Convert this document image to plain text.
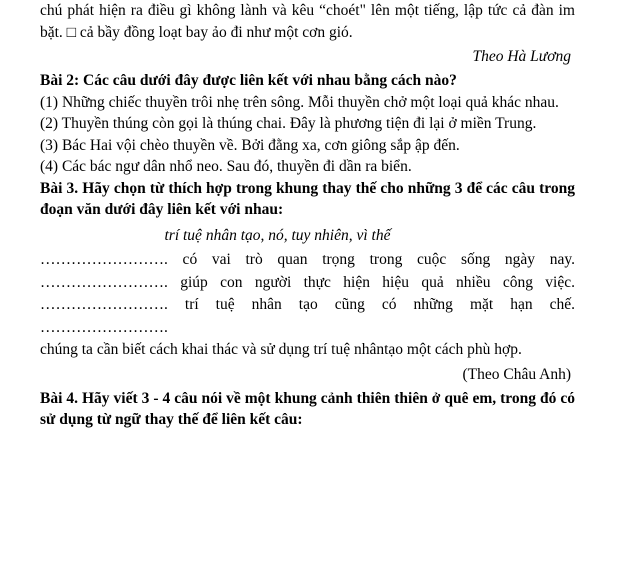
chú phát hiện ra điều gì không lành và kêu “choét" lên một tiếng, lập tức cả đàn im bặt. □ cả bầy đồng loạt bay ảo đi như một cơn gió.
Theo Hà Lương
Bài 2: Các câu dưới đây được liên kết với nhau bằng cách nào?
(1) Những chiếc thuyền trôi nhẹ trên sông. Mỗi thuyền chở một loại quả khác nhau.
(2) Thuyền thúng còn gọi là thúng chai. Đây là phương tiện đi lại ở miền Trung.
(3) Bác Hai vội chèo thuyền về. Bởi đằng xa, cơn giông sắp ập đến.
(4) Các bác ngư dân nhổ neo. Sau đó, thuyền đi dần ra biển.
Bài 3. Hãy chọn từ thích hợp trong khung thay thế cho những 3 để các câu trong đoạn văn dưới đây liên kết với nhau:
trí tuệ nhân tạo, nó, tuy nhiên, vì thế
……………………. có vai trò quan trọng trong cuộc sống ngày nay.
……………………. giúp con người thực hiện hiệu quả nhiều công việc.
……………………. trí tuệ nhân tạo cũng có những mặt hạn chế. …………………….
chúng ta cần biết cách khai thác và sử dụng trí tuệ nhântạo một cách phù hợp.
(Theo Châu Anh)
Bài 4. Hãy viết 3 - 4 câu nói về một khung cảnh thiên thiên ở quê em, trong đó có sử dụng từ ngữ thay thế để liên kết câu:
